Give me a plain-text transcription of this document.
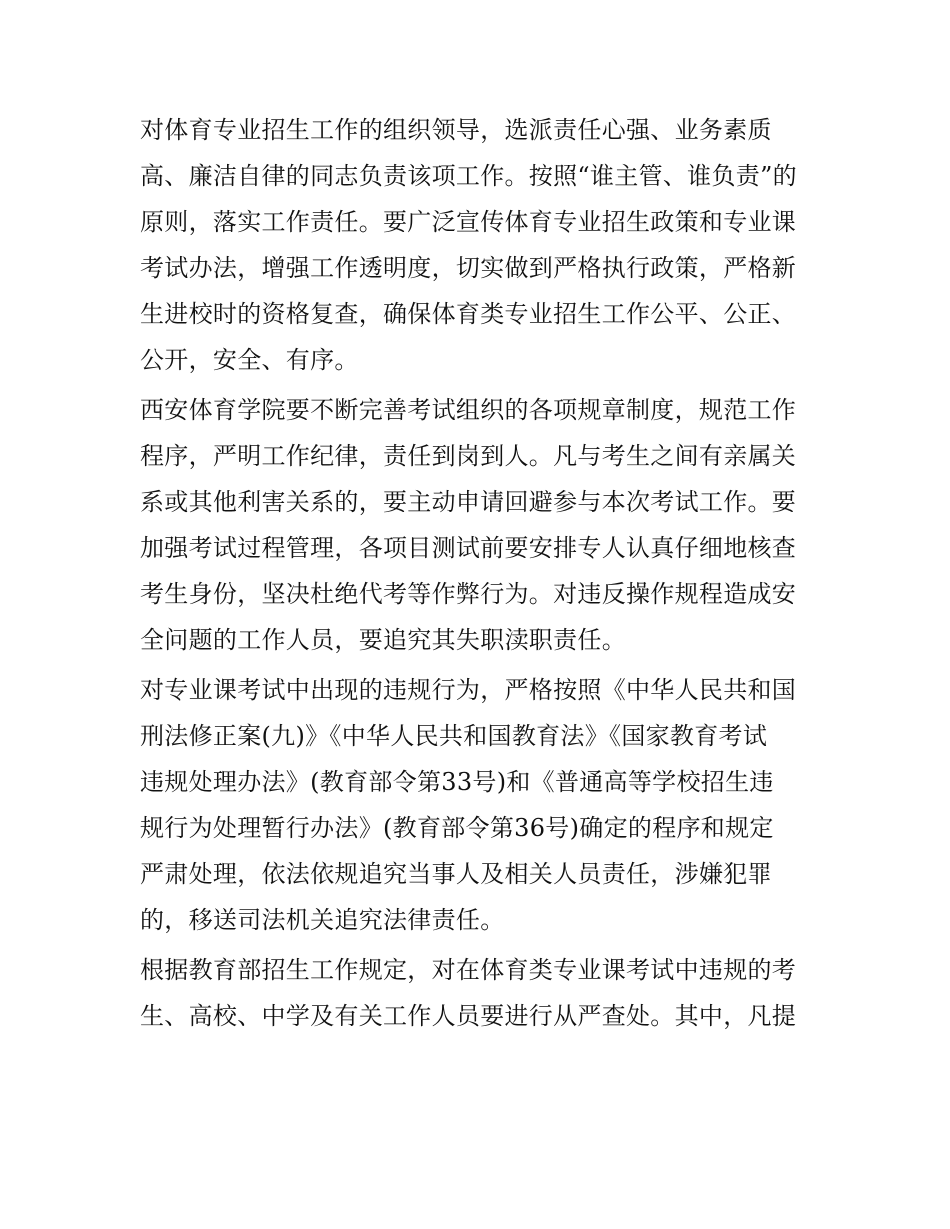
对体育专业招生工作的组织领导，选派责任心强、业务素质
高、廉洁自律的同志负责该项工作。按照“谁主管、谁负责”的
原则，落实工作责任。要广泛宣传体育专业招生政策和专业课
考试办法，增强工作透明度，切实做到严格执行政策，严格新
生进校时的资格复查，确保体育类专业招生工作公平、公正、
公开，安全、有序。
西安体育学院要不断完善考试组织的各项规章制度，规范工作
程序，严明工作纪律，责任到岗到人。凡与考生之间有亲属关
系或其他利害关系的，要主动申请回避参与本次考试工作。要
加强考试过程管理，各项目测试前要安排专人认真仔细地核查
考生身份，坚决杜绝代考等作弊行为。对违反操作规程造成安
全问题的工作人员，要追究其失职渎职责任。
对专业课考试中出现的违规行为，严格按照《中华人民共和国
刑法修正案(九)》《中华人民共和国教育法》《国家教育考试
违规处理办法》(教育部令第33号)和《普通高等学校招生违
规行为处理暂行办法》(教育部令第36号)确定的程序和规定
严肃处理，依法依规追究当事人及相关人员责任，涉嫌犯罪
的，移送司法机关追究法律责任。
根据教育部招生工作规定，对在体育类专业课考试中违规的考
生、高校、中学及有关工作人员要进行从严查处。其中，凡提
